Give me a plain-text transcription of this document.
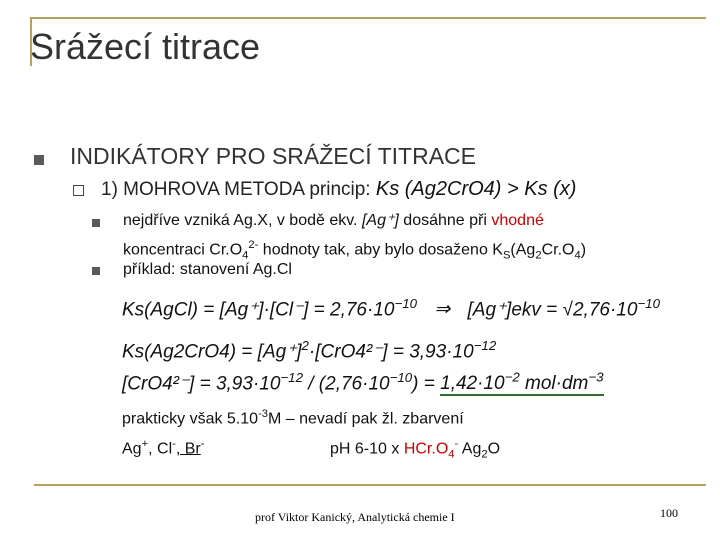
Srážecí titrace
INDIKÁTORY PRO SRÁŽECÍ TITRACE
1) MOHROVA METODA princip: Ks (Ag2CrO4) > Ks (x)
nejdříve vzniká Ag.X, v bodě ekv. [Ag⁺] dosáhne při vhodné
koncentraci $Cr.O_4^{2-}$ hodnoty tak, aby bylo dosaženo $K_S(Ag_2Cr.O_4)$
příklad: stanovení Ag.Cl
Ks(AgCl) = $[Ag^+]\cdot[Cl^-] = 2,76\cdot 10^{-10}$ ⇒ $[Ag^+]ekv = √2,76\cdot 10^{-10}$
$Ks(Ag2CrO4) = [Ag^+]^2\cdot[CrO4^{2-}] = 3,93\cdot 10^{-12}$
$[CrO4^{2-}] = 3,93\cdot 10^{-12} / (2,76\cdot 10^{-10}) = 1,42\cdot 10^{-2}$ $mol\cdot dm^{-3}$
prakticky však $5.10^{-3}M$ – nevadí pak žl. zbarvení
Ag+, Cl-, Br-	pH 6-10 x $HCr.O_4^-$ $Ag_2O$
prof Viktor Kanický, Analytická chemie I	100
